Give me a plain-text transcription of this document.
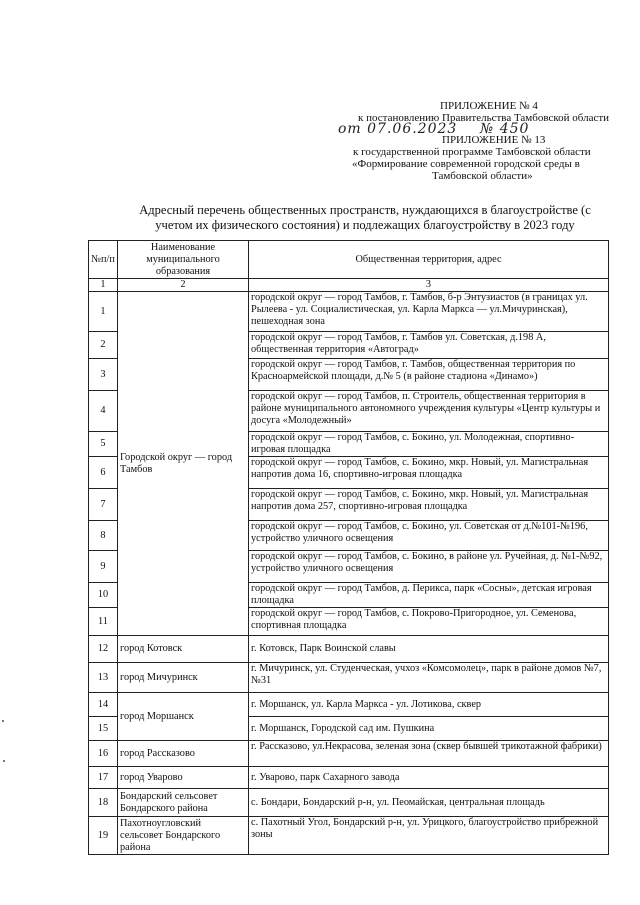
ПРИЛОЖЕНИЕ № 4
к постановлению Правительства Тамбовской области
от 07.06.2023 № 450
ПРИЛОЖЕНИЕ № 13
к государственной программе Тамбовской области
«Формирование современной городской среды в
Тамбовской области»
Адресный перечень общественных пространств, нуждающихся в благоустройстве (с
учетом их физического состояния) и подлежащих благоустройству в 2023 году
№п/п	Наименование муниципального образования	Общественная территория, адрес
1	2	3
1	Городской округ — город Тамбов	городской округ — город Тамбов, г. Тамбов, б-р Энтузиастов (в границах ул. Рылеева - ул. Социалистическая, ул. Карла Маркса — ул.Мичуринская), пешеходная зона
2		городской округ — город Тамбов, г. Тамбов ул. Советская, д.198 А, общественная территория «Автоград»
3		городской округ — город Тамбов, г. Тамбов, общественная территория по Красноармейской площади, д.№ 5 (в районе стадиона «Динамо»)
4		городской округ — город Тамбов, п. Строитель, общественная территория в районе муниципального автономного учреждения культуры «Центр культуры и досуга «Молодежный»
5		городской округ — город Тамбов, с. Бокино, ул. Молодежная, спортивно-игровая площадка
6		городской округ — город Тамбов, с. Бокино, мкр. Новый, ул. Магистральная напротив дома 16, спортивно-игровая площадка
7		городской округ — город Тамбов, с. Бокино, мкр. Новый, ул. Магистральная напротив дома 257, спортивно-игровая площадка
8		городской округ — город Тамбов, с. Бокино, ул. Советская от д.№101-№196, устройство уличного освещения
9		городской округ — город Тамбов, с. Бокино, в районе ул. Ручейная, д. №1-№92, устройство уличного освещения
10		городской округ — город Тамбов, д. Перикса, парк «Сосны», детская игровая площадка
11		городской округ — город Тамбов, с. Покрово-Пригородное, ул. Семенова, спортивная площадка
12	город Котовск	г. Котовск, Парк Воинской славы
13	город Мичуринск	г. Мичуринск, ул. Студенческая, учхоз «Комсомолец», парк в районе домов №7, №31
14	город Моршанск	г. Моршанск, ул. Карла Маркса - ул. Лотикова, сквер
15		г. Моршанск, Городской сад им. Пушкина
16	город Рассказово	г. Рассказово, ул.Некрасова, зеленая зона (сквер бывшей трикотажной фабрики)
17	город Уварово	г. Уварово, парк Сахарного завода
18	Бондарский сельсовет Бондарского района	с. Бондари, Бондарский р-н, ул. Пеомайская, центральная площадь
19	Пахотноугловский сельсовет Бондарского района	с. Пахотный Угол, Бондарский р-н, ул. Урицкого, благоустройство прибрежной зоны
